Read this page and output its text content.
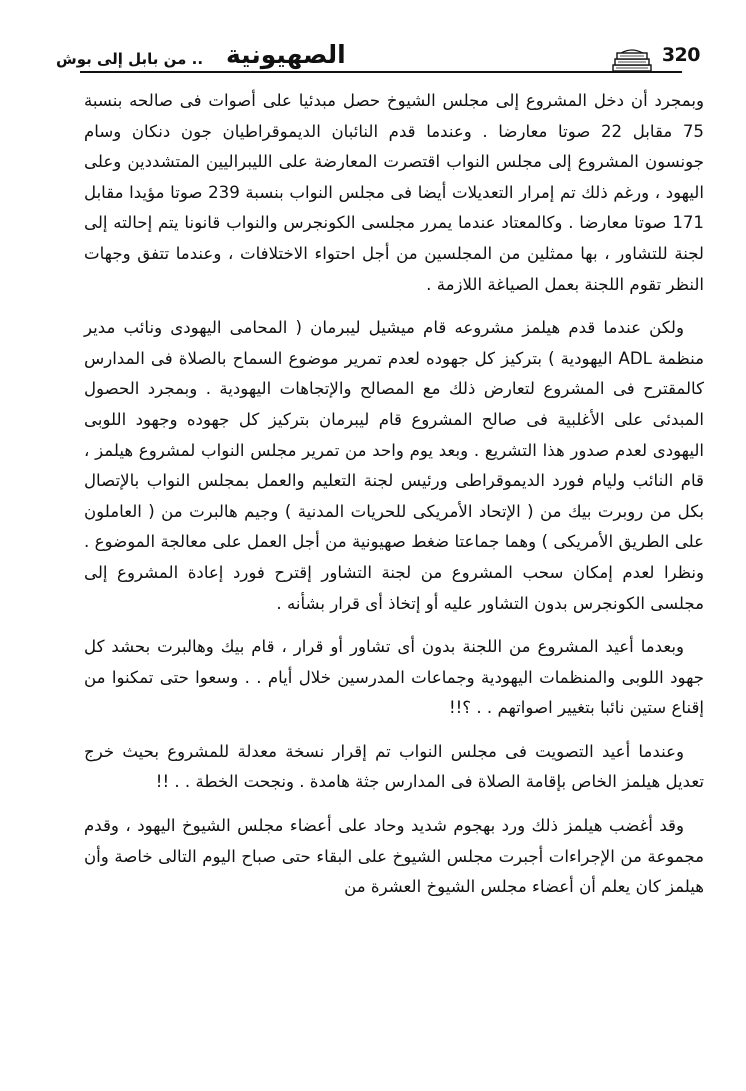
.. من بابل إلى بوش الصهيونية	320

وبمجرد أن دخل المشروع إلى مجلس الشيوخ حصل مبدئيا على أصوات فى صالحه بنسبة 75 مقابل 22 صوتا معارضا . وعندما قدم النائبان الديموقراطيان جون دنكان وسام جونسون المشروع إلى مجلس النواب اقتصرت المعارضة على الليبراليين المتشددين وعلى اليهود ، ورغم ذلك تم إمرار التعديلات أيضا فى مجلس النواب بنسبة 239 صوتا مؤيدا مقابل 171 صوتا معارضا . وكالمعتاد عندما يمرر مجلسى الكونجرس والنواب قانونا يتم إحالته إلى لجنة للتشاور ، بها ممثلين من المجلسين من أجل احتواء الاختلافات ، وعندما تتفق وجهات النظر تقوم اللجنة بعمل الصياغة اللازمة .

ولكن عندما قدم هيلمز مشروعه قام ميشيل ليبرمان ( المحامى اليهودى ونائب مدير منظمة ADL اليهودية ) بتركيز كل جهوده لعدم تمرير موضوع السماح بالصلاة فى المدارس كالمقترح فى المشروع لتعارض ذلك مع المصالح والإتجاهات اليهودية . وبمجرد الحصول المبدئى على الأغلبية فى صالح المشروع قام ليبرمان بتركيز كل جهوده وجهود اللوبى اليهودى لعدم صدور هذا التشريع . وبعد يوم واحد من تمرير مجلس النواب لمشروع هيلمز ، قام النائب وليام فورد الديموقراطى ورئيس لجنة التعليم والعمل بمجلس النواب بالإتصال بكل من روبرت بيك من ( الإتحاد الأمريكى للحريات المدنية ) وجيم هالبرت من ( العاملون على الطريق الأمريكى ) وهما جماعتا ضغط صهيونية من أجل العمل على معالجة الموضوع . ونظرا لعدم إمكان سحب المشروع من لجنة التشاور إقترح فورد إعادة المشروع إلى مجلسى الكونجرس بدون التشاور عليه أو إتخاذ أى قرار بشأنه .

وبعدما أعيد المشروع من اللجنة بدون أى تشاور أو قرار ، قام بيك وهالبرت بحشد كل جهود اللوبى والمنظمات اليهودية وجماعات المدرسين خلال أيام . . وسعوا حتى تمكنوا من إقناع ستين نائبا بتغيير اصواتهم . . ؟!!

وعندما أعيد التصويت فى مجلس النواب تم إقرار نسخة معدلة للمشروع بحيث خرج تعديل هيلمز الخاص بإقامة الصلاة فى المدارس جثة هامدة . ونجحت الخطة . . !!

وقد أغضب هيلمز ذلك ورد بهجوم شديد وحاد على أعضاء مجلس الشيوخ اليهود ، وقدم مجموعة من الإجراءات أجبرت مجلس الشيوخ على البقاء حتى صباح اليوم التالى خاصة وأن هيلمز كان يعلم أن أعضاء مجلس الشيوخ العشرة من
